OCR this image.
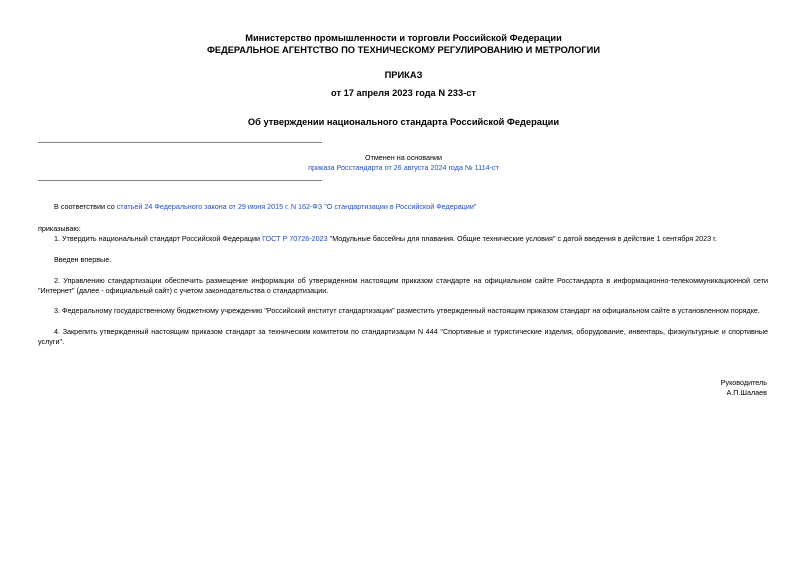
Министерство промышленности и торговли Российской Федерации
ФЕДЕРАЛЬНОЕ АГЕНТСТВО ПО ТЕХНИЧЕСКОМУ РЕГУЛИРОВАНИЮ И МЕТРОЛОГИИ
ПРИКАЗ
от 17 апреля 2023 года N 233-ст
Об утверждении национального стандарта Российской Федерации
Отменен на основании
приказа Росстандарта от 26 августа 2024 года № 1114-ст
В соответствии со статьей 24 Федерального закона от 29 июня 2015 г. N 162-ФЗ "О стандартизации в Российской Федерации"
приказываю:
1. Утвердить национальный стандарт Российской Федерации ГОСТ Р 70726-2023 "Модульные бассейны для плавания. Общие технические условия" с датой введения в действие 1 сентября 2023 г.
Введен впервые.
2. Управлению стандартизации обеспечить размещение информации об утвержденном настоящим приказом стандарте на официальном сайте Росстандарта в информационно-телекоммуникационной сети "Интернет" (далее - официальный сайт) с учетом законодательства о стандартизации.
3. Федеральному государственному бюджетному учреждению "Российский институт стандартизации" разместить утвержденный настоящим приказом стандарт на официальном сайте в установленном порядке.
4. Закрепить утвержденный настоящим приказом стандарт за техническим комитетом по стандартизации N 444 "Спортивные и туристические изделия, оборудование, инвентарь, физкультурные и спортивные услуги".
Руководитель
А.П.Шалаев
